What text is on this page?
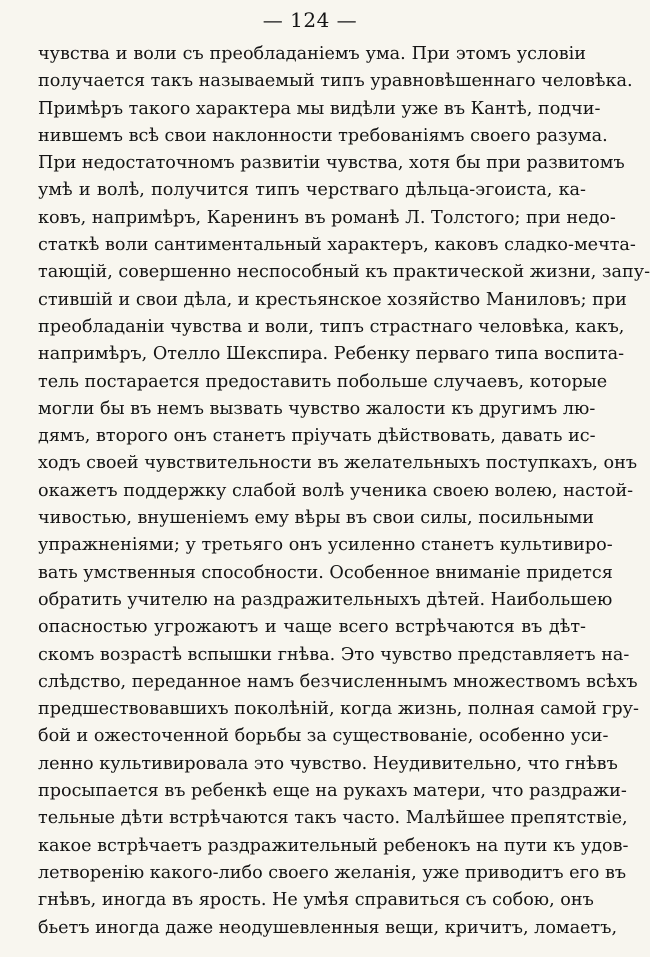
— 124 —
чувства и воли съ преобладаніемъ ума. При этомъ условіи
получается такъ называемый типъ уравновѣшеннаго человѣка.
Примѣръ такого характера мы видѣли уже въ Кантѣ, подчи-
нившемъ всѣ свои наклонности требованіямъ своего разума.
При недостаточномъ развитіи чувства, хотя бы при развитомъ
умѣ и волѣ, получится типъ черстваго дѣльца-эгоиста, ка-
ковъ, напримѣръ, Каренинъ въ романѣ Л. Толстого; при недо-
статкѣ воли сантиментальный характеръ, каковъ сладко-мечта-
тающій, совершенно неспособный къ практической жизни, запу-
стившій и свои дѣла, и крестьянское хозяйство Маниловъ; при
преобладаніи чувства и воли, типъ страстнаго человѣка, какъ,
напримѣръ, Отелло Шекспира. Ребенку перваго типа воспита-
тель постарается предоставить побольше случаевъ, которые
могли бы въ немъ вызвать чувство жалости къ другимъ лю-
дямъ, второго онъ станетъ пріучать дѣйствовать, давать ис-
ходъ своей чувствительности въ желательныхъ поступкахъ, онъ
окажетъ поддержку слабой волѣ ученика своею волею, настой-
чивостью, внушеніемъ ему вѣры въ свои силы, посильными
упражненіями; у третьяго онъ усиленно станетъ культивиро-
вать умственныя способности. Особенное вниманіе придется
обратить учителю на раздражительныхъ дѣтей. Наибольшею
опасностью угрожаютъ и чаще всего встрѣчаются въ дѣт-
скомъ возрастѣ вспышки гнѣва. Это чувство представляетъ на-
слѣдство, переданное намъ безчисленнымъ множествомъ всѣхъ
предшествовавшихъ поколѣній, когда жизнь, полная самой гру-
бой и ожесточенной борьбы за существованіе, особенно уси-
ленно культивировала это чувство. Неудивительно, что гнѣвъ
просыпается въ ребенкѣ еще на рукахъ матери, что раздражи-
тельные дѣти встрѣчаются такъ часто. Малѣйшее препятствіе,
какое встрѣчаетъ раздражительный ребенокъ на пути къ удов-
летворенію какого-либо своего желанія, уже приводитъ его въ
гнѣвъ, иногда въ ярость. Не умѣя справиться съ собою, онъ
бьетъ иногда даже неодушевленныя вещи, кричитъ, ломаетъ,
